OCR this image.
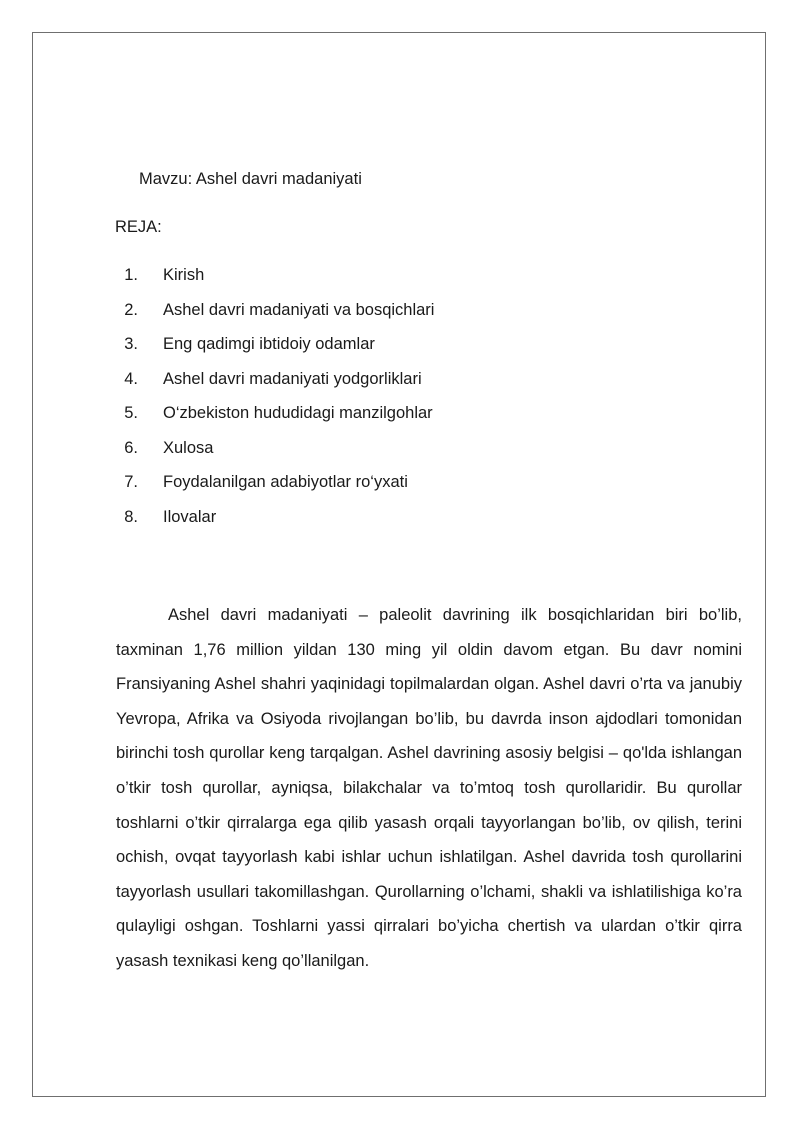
Mavzu: Ashel davri madaniyati
REJA:
1. Kirish
2. Ashel davri madaniyati va bosqichlari
3. Eng qadimgi ibtidoiy odamlar
4. Ashel davri madaniyati yodgorliklari
5. O‘zbekiston hududidagi manzilgohlar
6. Xulosa
7. Foydalanilgan adabiyotlar ro‘yxati
8. Ilovalar

Ashel davri madaniyati – paleolit davrining ilk bosqichlaridan biri bo’lib, taxminan 1,76 million yildan 130 ming yil oldin davom etgan. Bu davr nomini Fransiyaning Ashel shahri yaqinidagi topilmalardan olgan. Ashel davri o’rta va janubiy Yevropa, Afrika va Osiyoda rivojlangan bo’lib, bu davrda inson ajdodlari tomonidan birinchi tosh qurollar keng tarqalgan. Ashel davrining asosiy belgisi – qo'lda ishlangan o’tkir tosh qurollar, ayniqsa, bilakchalar va to’mtoq tosh qurollaridir. Bu qurollar toshlarni o’tkir qirralarga ega qilib yasash orqali tayyorlangan bo’lib, ov qilish, terini ochish, ovqat tayyorlash kabi ishlar uchun ishlatilgan. Ashel davrida tosh qurollarini tayyorlash usullari takomillashgan. Qurollarning o’lchami, shakli va ishlatilishiga ko’ra qulayligi oshgan. Toshlarni yassi qirralari bo’yicha chertish va ulardan o’tkir qirra yasash texnikasi keng qo’llanilgan.
